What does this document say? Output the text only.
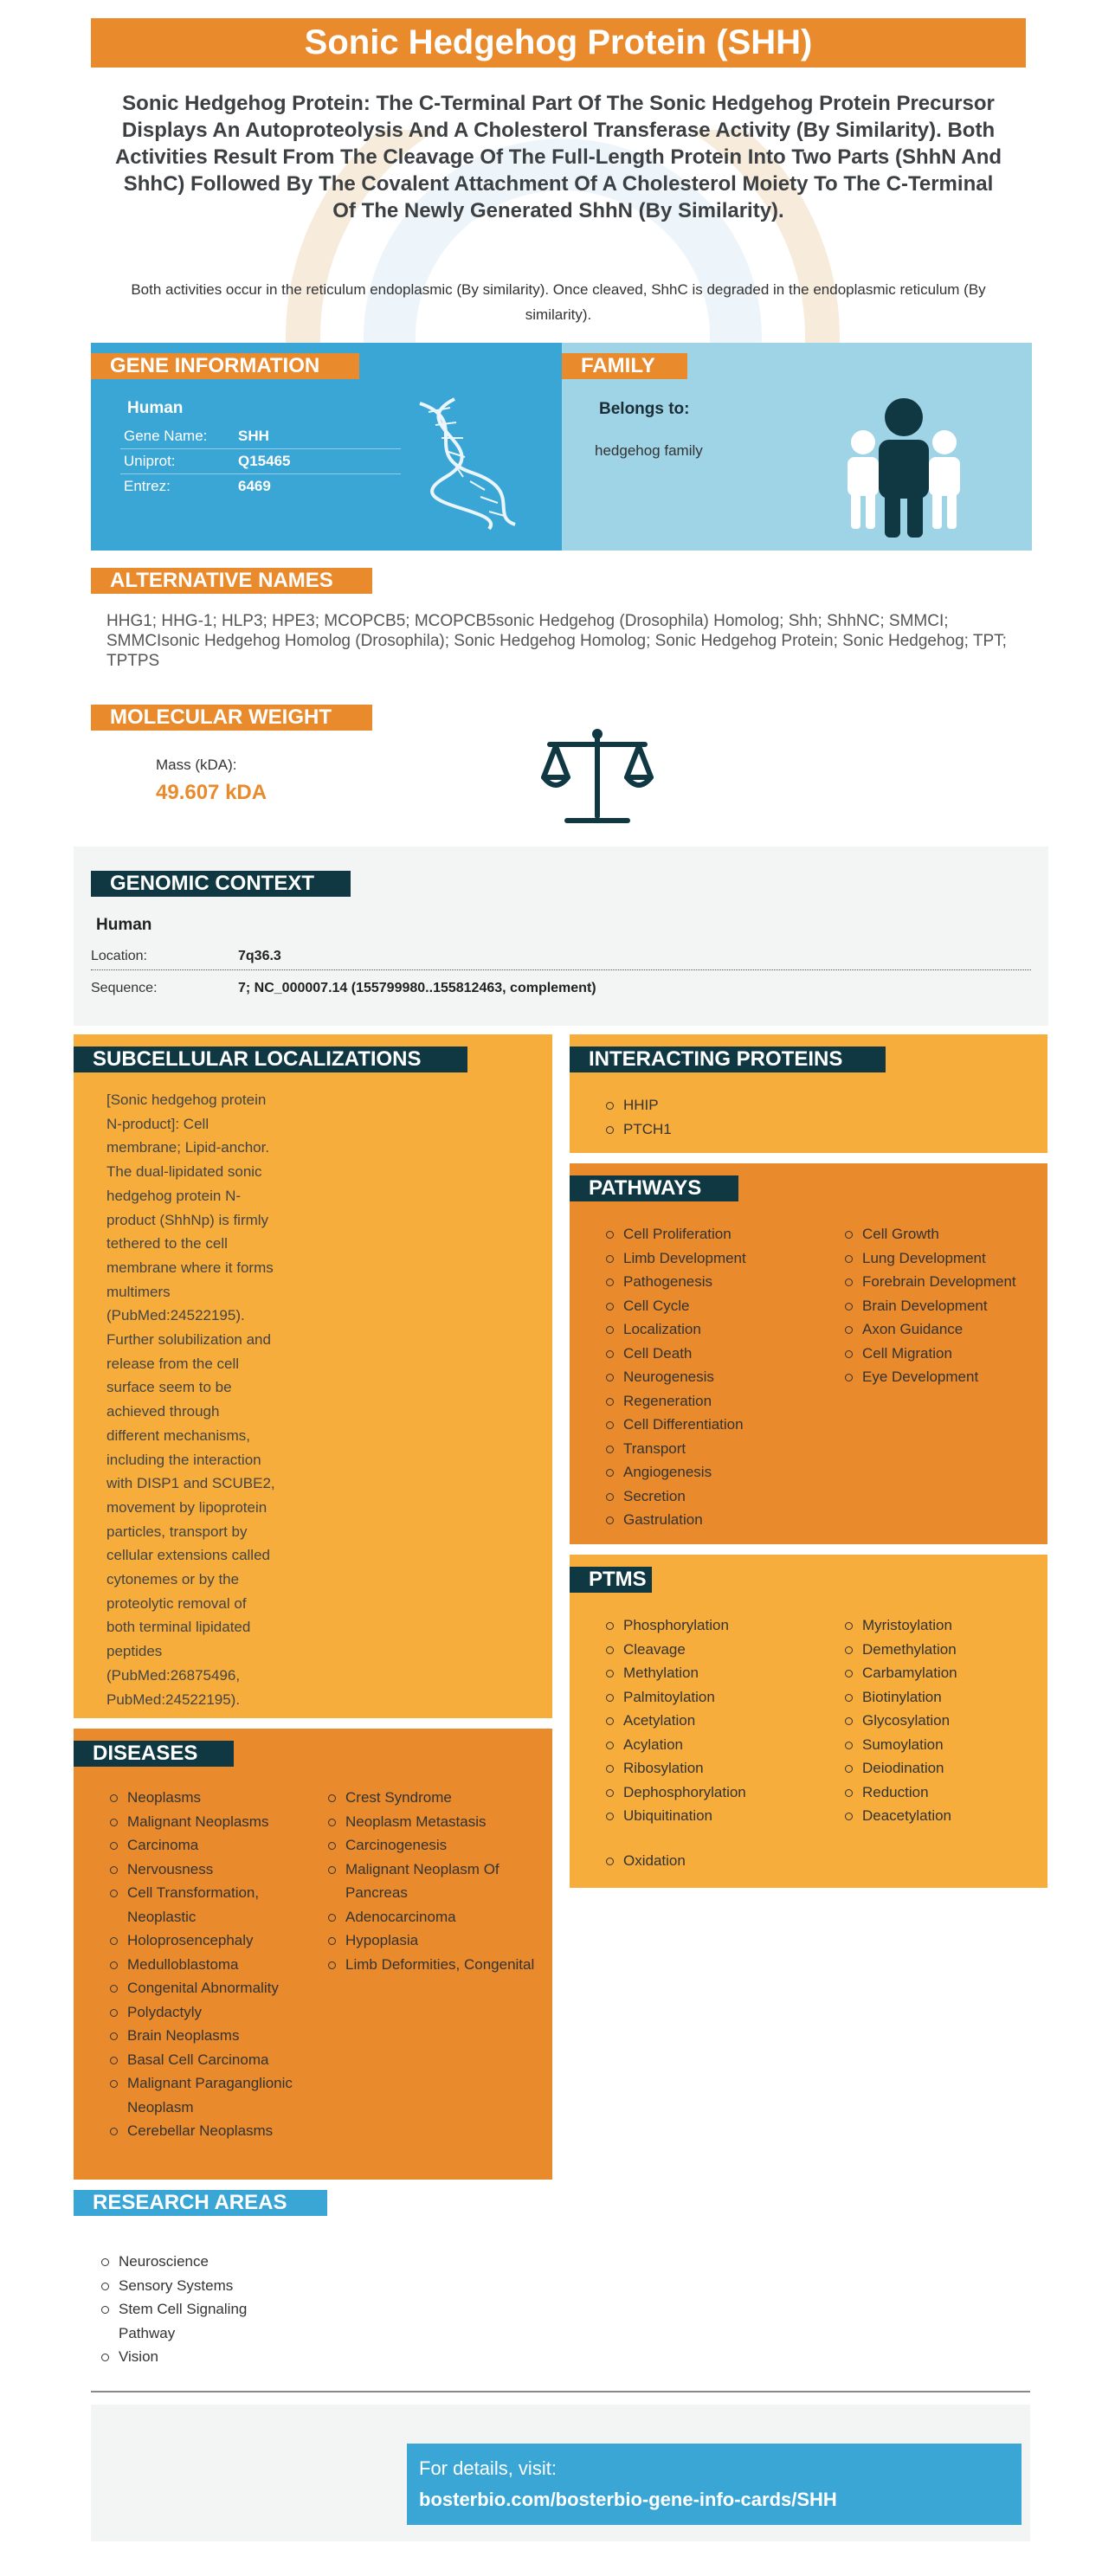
Sonic Hedgehog Protein (SHH)
Sonic Hedgehog Protein: The C-Terminal Part Of The Sonic Hedgehog Protein Precursor Displays An Autoproteolysis And A Cholesterol Transferase Activity (By Similarity). Both Activities Result From The Cleavage Of The Full-Length Protein Into Two Parts (ShhN And ShhC) Followed By The Covalent Attachment Of A Cholesterol Moiety To The C-Terminal Of The Newly Generated ShhN (By Similarity).
Both activities occur in the reticulum endoplasmic (By similarity). Once cleaved, ShhC is degraded in the endoplasmic reticulum (By similarity).
GENE INFORMATION
Human
Gene Name: SHH
Uniprot:	Q15465
Entrez:	6469
FAMILY
Belongs to:
hedgehog family
ALTERNATIVE NAMES
HHG1; HHG-1; HLP3; HPE3; MCOPCB5; MCOPCB5sonic Hedgehog (Drosophila) Homolog; Shh; ShhNC; SMMCI; SMMCIsonic Hedgehog Homolog (Drosophila); Sonic Hedgehog Homolog; Sonic Hedgehog Protein; Sonic Hedgehog; TPT; TPTPS
MOLECULAR WEIGHT
Mass (kDA):
49.607 kDA
GENOMIC CONTEXT
Human
Location:	7q36.3
Sequence:	7; NC_000007.14 (155799980..155812463, complement)
SUBCELLULAR LOCALIZATIONS
[Sonic hedgehog protein
N-product]: Cell
membrane; Lipid-anchor.
The dual-lipidated sonic
hedgehog protein N-
product (ShhNp) is firmly
tethered to the cell
membrane where it forms
multimers
(PubMed:24522195).
Further solubilization and
release from the cell
surface seem to be
achieved through
different mechanisms,
including the interaction
with DISP1 and SCUBE2,
movement by lipoprotein
particles, transport by
cellular extensions called
cytonemes or by the
proteolytic removal of
both terminal lipidated
peptides
(PubMed:26875496,
PubMed:24522195).
INTERACTING PROTEINS
HHIP
PTCH1
PATHWAYS
Cell Proliferation
Limb Development
Pathogenesis
Cell Cycle
Localization
Cell Death
Neurogenesis
Regeneration
Cell Differentiation
Transport
Angiogenesis
Secretion
Gastrulation
Cell Growth
Lung Development
Forebrain Development
Brain Development
Axon Guidance
Cell Migration
Eye Development
PTMS
Phosphorylation
Cleavage
Methylation
Palmitoylation
Acetylation
Acylation
Ribosylation
Dephosphorylation
Ubiquitination
Myristoylation
Demethylation
Carbamylation
Biotinylation
Glycosylation
Sumoylation
Deiodination
Reduction
Deacetylation
Oxidation
DISEASES
Neoplasms
Malignant Neoplasms
Carcinoma
Nervousness
Cell Transformation, Neoplastic
Holoprosencephaly
Medulloblastoma
Congenital Abnormality
Polydactyly
Brain Neoplasms
Basal Cell Carcinoma
Malignant Paraganglionic Neoplasm
Cerebellar Neoplasms
Crest Syndrome
Neoplasm Metastasis
Carcinogenesis
Malignant Neoplasm Of Pancreas
Adenocarcinoma
Hypoplasia
Limb Deformities, Congenital
RESEARCH AREAS
Neuroscience
Sensory Systems
Stem Cell Signaling Pathway
Vision
For details, visit:
bosterbio.com/bosterbio-gene-info-cards/SHH
